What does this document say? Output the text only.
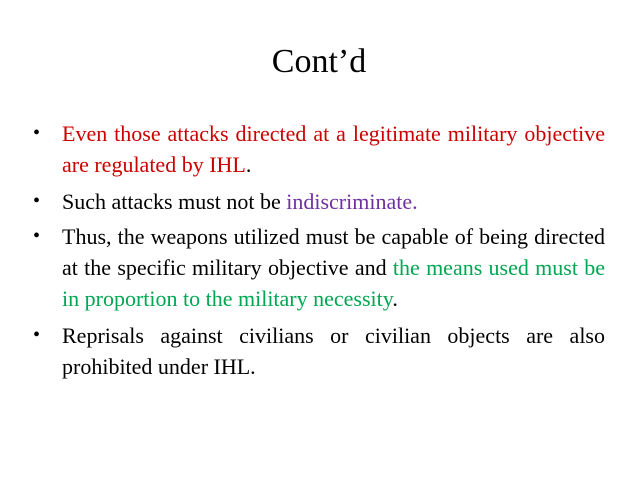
Cont’d
• Even those attacks directed at a legitimate military objective are regulated by IHL.
• Such attacks must not be indiscriminate.
• Thus, the weapons utilized must be capable of being directed at the specific military objective and the means used must be in proportion to the military necessity.
• Reprisals against civilians or civilian objects are also prohibited under IHL.
